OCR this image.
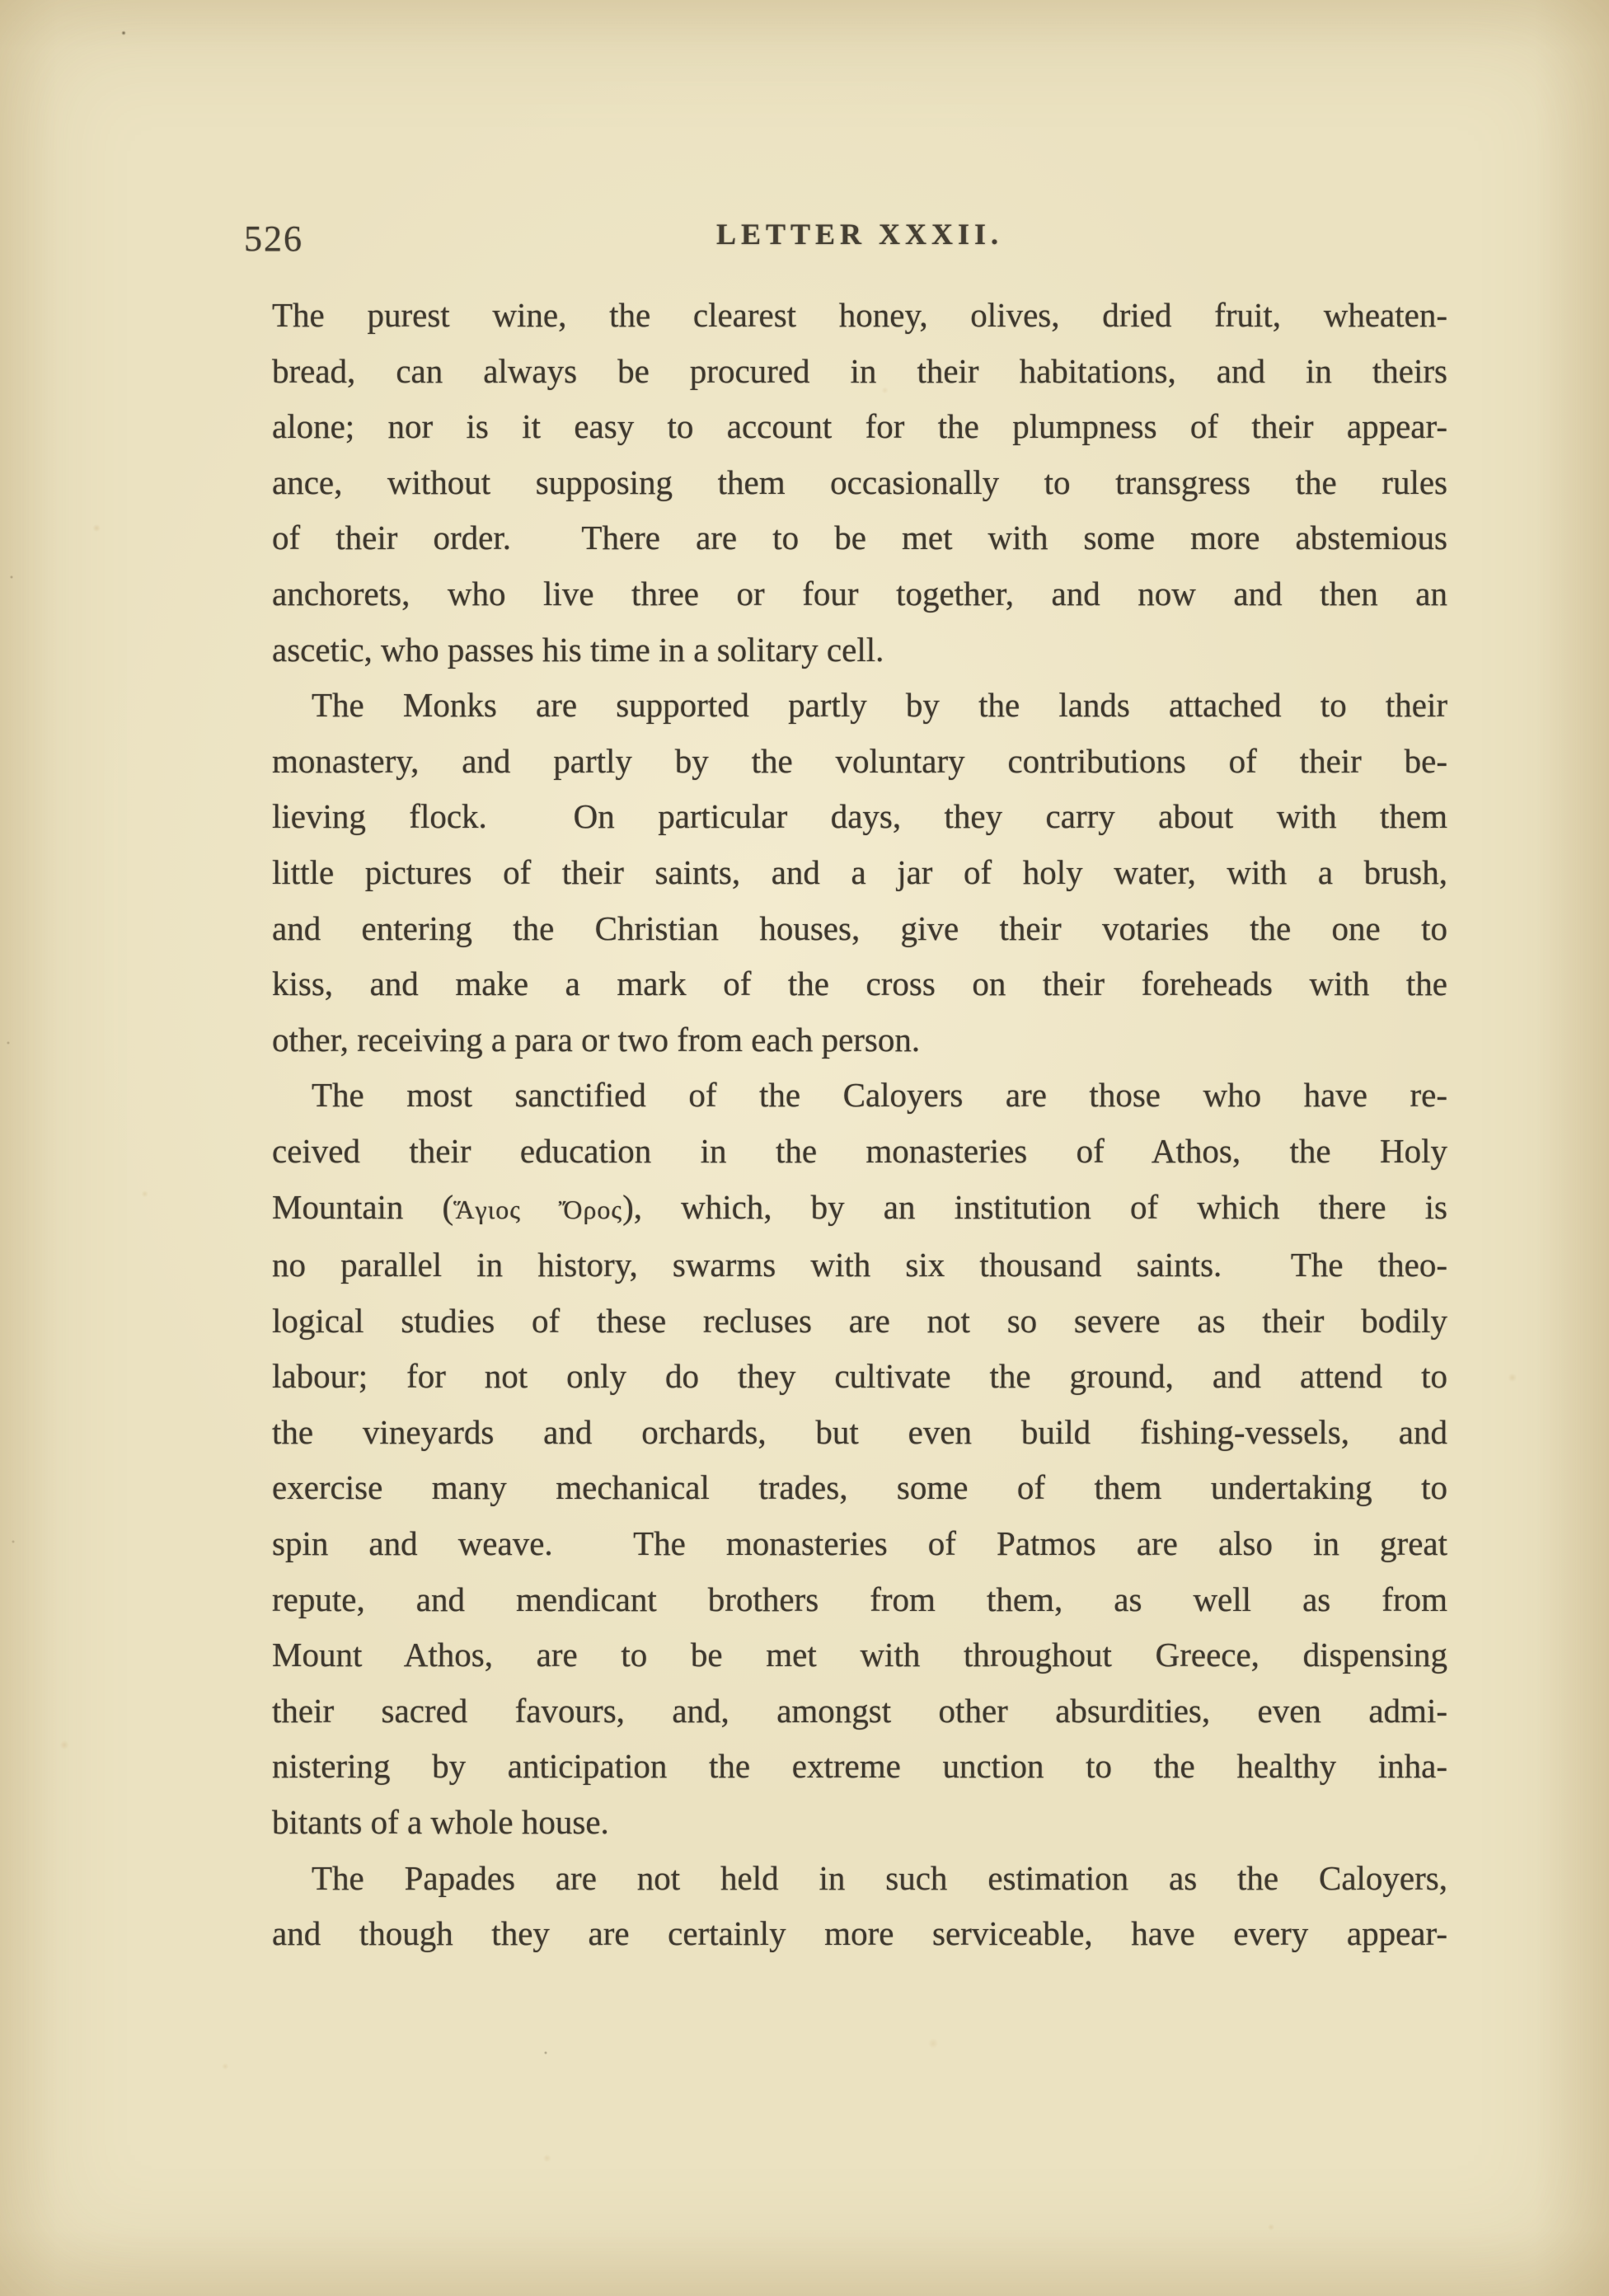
526	LETTER XXXII.
The purest wine, the clearest honey, olives, dried fruit, wheaten-
bread, can always be procured in their habitations, and in theirs
alone; nor is it easy to account for the plumpness of their appear-
ance, without supposing them occasionally to transgress the rules
of their order.  There are to be met with some more abstemious
anchorets, who live three or four together, and now and then an
ascetic, who passes his time in a solitary cell.
The Monks are supported partly by the lands attached to their
monastery, and partly by the voluntary contributions of their be-
lieving flock.  On particular days, they carry about with them
little pictures of their saints, and a jar of holy water, with a brush,
and entering the Christian houses, give their votaries the one to
kiss, and make a mark of the cross on their foreheads with the
other, receiving a para or two from each person.
The most sanctified of the Caloyers are those who have re-
ceived their education in the monasteries of Athos, the Holy
Mountain (Ἅγιος Ὄρος), which, by an institution of which there is
no parallel in history, swarms with six thousand saints.  The theo-
logical studies of these recluses are not so severe as their bodily
labour; for not only do they cultivate the ground, and attend to
the vineyards and orchards, but even build fishing-vessels, and
exercise many mechanical trades, some of them undertaking to
spin and weave.  The monasteries of Patmos are also in great
repute, and mendicant brothers from them, as well as from
Mount Athos, are to be met with throughout Greece, dispensing
their sacred favours, and, amongst other absurdities, even admi-
nistering by anticipation the extreme unction to the healthy inha-
bitants of a whole house.
The Papades are not held in such estimation as the Caloyers,
and though they are certainly more serviceable, have every appear-
